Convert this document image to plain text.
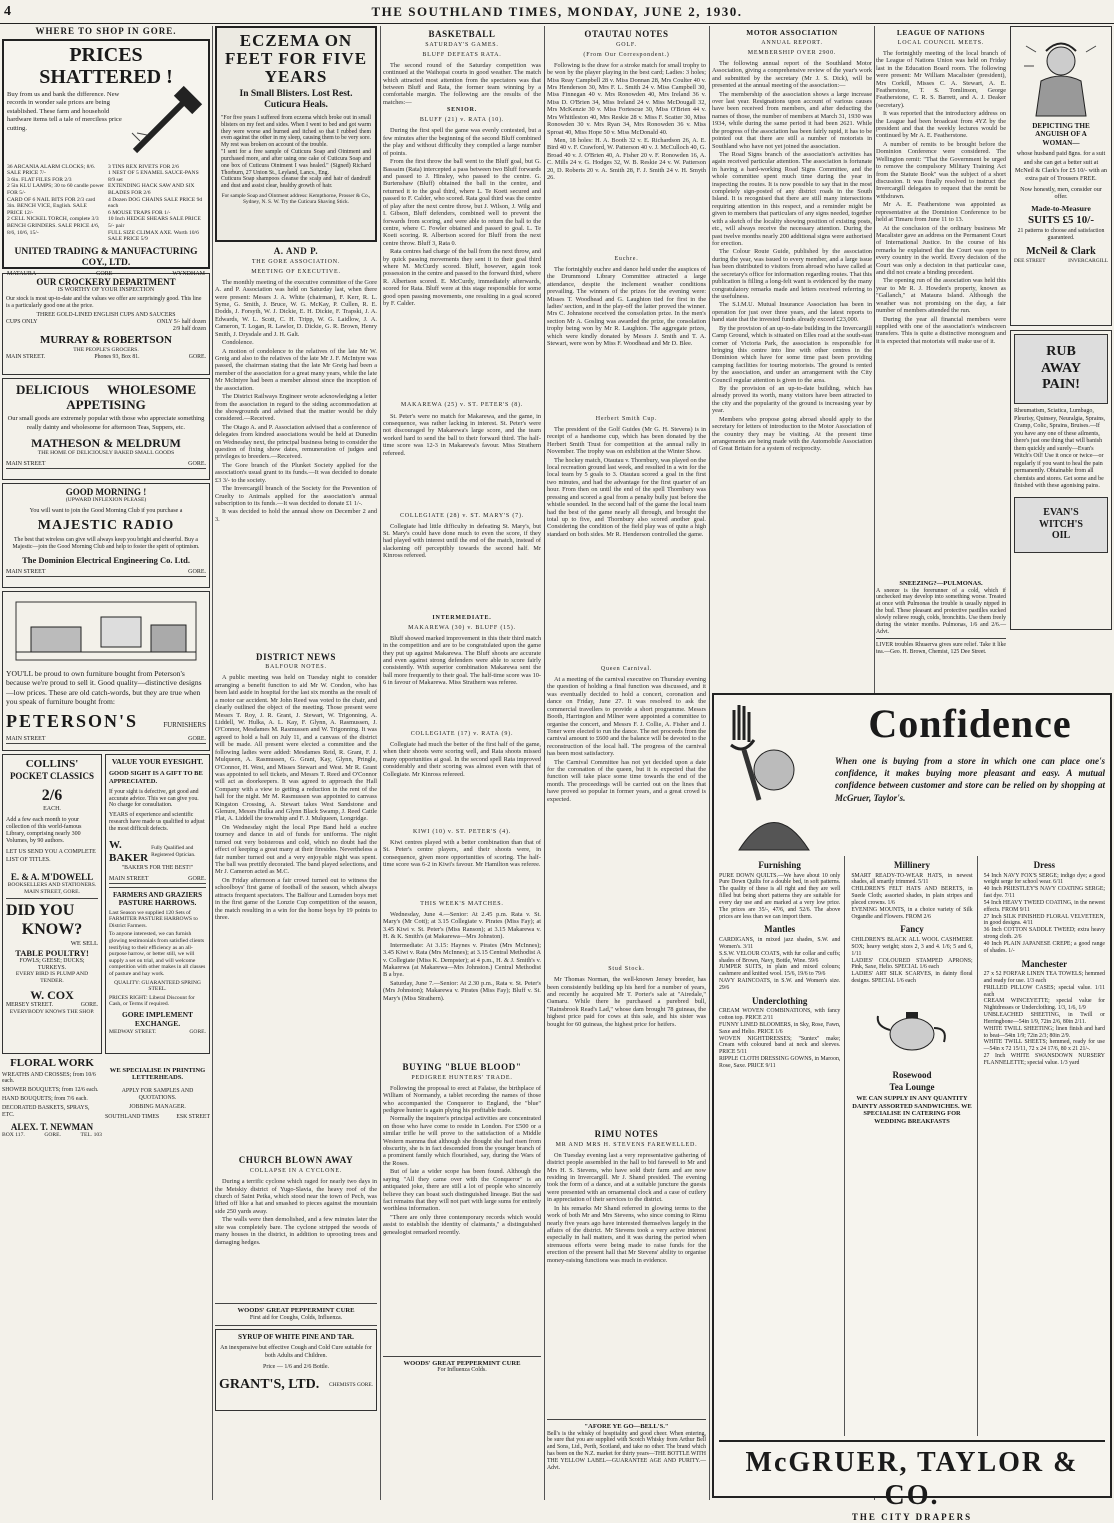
4	THE SOUTHLAND TIMES, MONDAY, JUNE 2, 1930.
WHERE TO SHOP IN GORE.
PRICES SHATTERED !
Buy from us and bank the difference. New records in wonder sale prices are being established. These farm and household hardware items tell a tale of merciless price cutting.
36 ARCANIA ALARM CLOCKS; 8/6. SALE PRICE 7/-
3 6in. FLAT FILES FOR 2/3
2 5in KLU LAMPS; 30 to 60 candle power FOR 5/-
CARD OF 6 NAIL BITS FOR 2/3 card
3in. BENCH VICE, English. SALE PRICE 12/-
2 CELL NICKEL TORCH, complete 3/3
BENCH GRINDERS. SALE PRICE 4/6, 8/6, 10/6, 15/-
3 TINS REX RIVETS FOR 2/6
1 NEST OF 5 ENAMEL SAUCE-PANS 8/9 set
EXTENDING HACK SAW AND SIX BLADES FOR 2/6
4 Dozen DOG CHAINS SALE PRICE 9d each
6 MOUSE TRAPS FOR 1/-
10 Inch HEDGE SHEARS SALE PRICE 5/- pair
FULL SIZE CLIMAX AXE. Worth 10/6 SALE PRICE 5/9
UNITED TRADING & MANUFACTURING COY., LTD.
MATAURA	GORE	WYNDHAM
OUR CROCKERY DEPARTMENT
IS WORTHY OF YOUR INSPECTION
Our stock is most up-to-date and the values we offer are surprisingly good. This line is a particularly good one at the price.
THREE GOLD-LINED ENGLISH CUPS AND SAUCERS
CUPS ONLY	ONLY 5/- half dozen
2/9 half dozen
MURRAY & ROBERTSON
THE PEOPLE'S GROCERS.
MAIN STREET.	Phones 93, Box 81.	GORE.
DELICIOUS WHOLESOME
APPETISING
Our small goods are extremely popular with those who appreciate something really dainty and wholesome for afternoon Teas, Suppers, etc.
MATHESON & MELDRUM
THE HOME OF DELICIOUSLY BAKED SMALL GOODS
MAIN STREET	GORE.
GOOD MORNING !
(UPWARD INFLEXION PLEASE)
You will want to join the Good Morning Club if you purchase a
MAJESTIC RADIO
The best that wireless can give will always keep you bright and cheerful. Buy a Majestic—join the Good Morning Club and help to foster the spirit of optimism.
The Dominion Electrical Engineering Co. Ltd.
MAIN STREET	GORE.
YOU'LL be proud to own furniture bought from Peterson's because we're proud to sell it. Good quality—distinctive designs —low prices. These are old catch-words, but they are true when you speak of furniture bought from:
PETERSON'S	FURNISHERS
MAIN STREET	GORE.
COLLINS'
POCKET CLASSICS
2/6
EACH.
Add a few each month to your collection of this world-famous Library, comprising nearly 300 Volumes, by 90 authors.
LET US SEND YOU A COMPLETE LIST OF TITLES.
E. & A. M'DOWELL
BOOKSELLERS AND STATIONERS.
MAIN STREET, GORE.
DID YOU
KNOW?
WE SELL
TABLE POULTRY!
FOWLS; GEESE; DUCKS; TURKEYS.
EVERY BIRD IS PLUMP AND TENDER.
W. COX
MERSEY STREET.	GORE.
EVERYBODY KNOWS THE SHOP.
VALUE YOUR EYESIGHT.
GOOD SIGHT IS A GIFT TO BE APPRECIATED.
If your sight is defective, get good and accurate advice. This we can give you. No charge for consultation.
YEARS of experience and scientific research have made us qualified to adjust the most difficult defects.
W. BAKER
Fully Qualified and Registered Optician.
"BAKER'S FOR THE BEST!"
MAIN STREET	GORE.
FARMERS AND GRAZIERS
PASTURE HARROWS.
Last Season we supplied 120 Sets of FARMITER PASTURE HARROWS to District Farmers.
To anyone interested, we can furnish glowing testimonials from satisfied clients testifying to their efficiency as an all-purpose harrow, or better still, we will supply a set on trial, and will welcome competition with other makes in all classes of pasture and hay work.
QUALITY: GUARANTEED SPRING STEEL.
PRICES RIGHT: Liberal Discount for Cash, or Terms if required.
GORE IMPLEMENT EXCHANGE.
MEDWAY STREET.	GORE.
FLORAL WORK
WREATHS AND CROSSES; from 10/6 each.
SHOWER BOUQUETS; from 12/6 each.
HAND BOUQUETS; from 7/6 each.
DECORATED BASKETS, SPRAYS, ETC.
ALEX. T. NEWMAN
BOX 117.	GORE.	TEL. 103
WE SPECIALISE IN PRINTING LETTERHEADS.
APPLY FOR SAMPLES AND QUOTATIONS.
JOBBING MANAGER.
SOUTHLAND TIMES	ESK STREET
ECZEMA ON FEET FOR FIVE YEARS
In Small Blisters. Lost Rest. Cuticura Heals.
"For five years I suffered from eczema which broke out in small blisters on my feet and sides. When I went to bed and got warm they were worse and burned and itched so that I rubbed them even against the other in my sleep, causing them to be very sore. My rest was broken on account of the trouble.
"I sent for a free sample of Cuticura Soap and Ointment and purchased more, and after using one cake of Cuticura Soap and one box of Cuticura Ointment I was healed." (Signed) Richard Thorburn, 27 Union St., Leyland, Lancs., Eng.
Cuticura Soap shampoos cleanse the scalp and hair of dandruff and dust and assist clear, healthy growth of hair.
For sample Soap and Ointment address: Kempthorne, Prosser & Co., Sydney, N. S. W. Try the Cuticura Shaving Stick.
A. AND P.
THE GORE ASSOCIATION.
MEETING OF EXECUTIVE.

The monthly meeting of the executive committee of the Gore A. and P. Association was held on Saturday last, when there were present: Messrs J. A. White (chairman), F. Kerr, R. L. Syme, G. Smith, J. Bruce, W. G. McKay, P. Cullen, R. E. Dodds, J. Forsyth, W. J. Dickie, E. H. Dickie, F. Trapski, J. A. Edwards, W. L. Scott, C. H. Tripp, W. G. Laidlow, J. A. Cameron, T. Logan, R. Lawlor, D. Dickie, G. R. Brown, Henry Smith, J. Drysdale and J. H. Galt.

Condolence.

A motion of condolence to the relatives of the late Mr W. Greig and also to the relatives of the late Mr J. F. McIntyre was passed, the chairman stating that the late Mr Greig had been a member of the association for a great many years, while the late Mr McIntyre had been a member almost since the inception of the association.

The District Railways Engineer wrote acknowledging a letter from the association in regard to the siding accommodation at the showgrounds and advised that the matter would be duly considered.—Received.

The Otago A. and P. Association advised that a conference of delegates from kindred associations would be held at Dunedin on Wednesday next, the principal business being to consider the question of fixing show dates, remuneration of judges and privileges to breeders.—Received.

The Gore branch of the Plunket Society applied for the association's usual grant to its funds.—It was decided to donate £3 3/- to the society.

The Invercargill branch of the Society for the Prevention of Cruelty to Animals applied for the association's annual subscription to its funds.—It was decided to donate £1 1/-.

It was decided to hold the annual show on December 2 and 3.

DISTRICT NEWS
BALFOUR NOTES.

A public meeting was held on Tuesday night to consider arranging a benefit function to aid Mr W. Condon, who has been laid aside in hospital for the last six months as the result of a motor car accident. Mr John Reed was voted to the chair, and clearly outlined the object of the meeting. Those present were Messrs T. Roy, J. R. Grant, J. Stewart, W. Trigonning, A. Liddell, W. Hulka, A. L. Kay, F. Glynn, A. Rasmussen, J. O'Connor, Mesdames M. Rasmussen and W. Trigonning. It was agreed to hold a ball on July 11, and a canvass of the district will be made. All present were elected a committee and the following ladies were added: Mesdames Reid, R. Grant, F. J. Mulqueen, A. Rasmussen, G. Grant, Kay, Glynn, Pringle, O'Connor, H. West, and Misses Stewart and West. Mr R. Grant was appointed to sell tickets, and Messrs T. Reed and O'Connor will act as doorkeepers. It was agreed to approach the Hall Company with a view to getting a reduction in the rent of the hall for the night. Mr M. Rasmussen was appointed to canvass Kingston Crossing, A. Stewart takes West Sandstone and Glenure, Messrs Hulka and Glynn Black Swamp, J. Reed Cattle Flat, A. Liddell the township and F. J. Mulqueen, Longridge.

On Wednesday night the local Pipe Band held a euchre tourney and dance in aid of funds for uniforms. The night turned out very boisterous and cold, which no doubt had the effect of keeping a great many at their firesides. Nevertheless a fair number turned out and a very enjoyable night was spent. The ball was prettily decorated. The band played selections, and Mr J. Cameron acted as M.C.

On Friday afternoon a fair crowd turned out to witness the schoolboys' first game of football of the season, which always attracts frequent spectators. The Balfour and Lumsden boys met in the first game of the Lonzie Cup competition of the season, the match resulting in a win for the home boys by 19 points to three.

CHURCH BLOWN AWAY
COLLAPSE IN A CYCLONE.

During a terrific cyclone which raged for nearly two days in the Meiskiy district of Yugo-Slavia, the heavy roof of the church of Saint Petka, which stood near the town of Pech, was lifted off like a hat and smashed to pieces against the mountain side 250 yards away.

The walls were then demolished, and a few minutes later the site was completely bare. The cyclone stripped the woods of many houses in the district, in addition to uprooting trees and damaging hedges.

WOODS' GREAT PEPPERMINT CURE
First aid for Coughs, Colds, Influenza.
SYRUP OF WHITE PINE AND TAR.
An inexpensive but effective Cough and Cold Cure suitable for both Adults and Children.
Price — 1/6 and 2/6 Bottle.
GRANT'S, LTD. CHEMISTS GORE.
BASKETBALL
SATURDAY'S GAMES.
BLUFF DEFEATS RATA.

The second round of the Saturday competition was continued at the Waihopai courts in good weather. The match which attracted most attention from the spectators was that between Bluff and Rata, the former team winning by a comfortable margin. The following are the results of the matches:—

SENIOR.
BLUFF (21) v. RATA (10).

During the first spell the game was evenly contested, but a few minutes after the beginning of the second Bluff combined the play and without difficulty they compiled a large number of points.

From the first throw the ball went to the Bluff goal, but G. Bassaim (Rata) intercepted a pass between two Bluff forwards and passed to J. Hinsley, who passed to the centre. G. Burtenshaw (Bluff) obtained the ball in the centre, and returned it to the goal third, where L. Te Koeti secured and passed to F. Calder, who scored. Rata goal third was the centre of play after the next centre throw, but J. Wilson, J. Wilg and I. Gibson, Bluff defenders, combined well to prevent the forwards from scoring, and were able to return the ball to the centre, where C. Fowler obtained and passed to goal. L. Te Koeti scoring. R. Albertson scored for Bluff from the next centre throw. Bluff 3, Rata 0.

Rata centres had charge of the ball from the next throw, and by quick passing movements they sent it to their goal third where M. McCurdy scored. Bluff, however, again took possession in the centre and passed to the forward third, where R. Albertson scored. E. McCurdy, immediately afterwards, scored for Rata. Bluff were at this stage responsible for some good open passing movements, one resulting in a goal scored by F. Calder.

MAKAREWA (25) v. ST. PETER'S (8).

St. Peter's were no match for Makarewa, and the game, in consequence, was rather lacking in interest. St. Peter's were not discouraged by Makarewa's large score, and the team worked hard to send the ball to their forward third. The half-time score was 12-3 in Makarewa's favour. Miss Strathern refereed.

COLLEGIATE (28) v. ST. MARY'S (7).

Collegiate had little difficulty in defeating St. Mary's, but St. Mary's could have done much to even the score, if they had played with interest until the end of the match, instead of slackening off perceptibly towards the second half. Mr Kinross refereed.

INTERMEDIATE.
MAKAREWA (30) v. BLUFF (15).

Bluff showed marked improvement in this their third match in the competition and are to be congratulated upon the game they put up against Makarewa. The Bluff shoots are accurate and even against strong defenders were able to score fairly consistently. With superior combination Makarewa sent the ball more frequently to their goal. The half-time score was 10-6 in favour of Makarewa. Miss Strathern was referee.

COLLEGIATE (17) v. RATA (9).

Collegiate had much the better of the first half of the game, when their shoots were scoring well, and Rata shoots missed many opportunities at goal. In the second spell Rata improved considerably and their scoring was almost even with that of Collegiate. Mr Kinross refereed.

KIWI (10) v. ST. PETER'S (4).

Kiwi centres played with a better combination than that of St. Peter's centre players, and their shoots were, in consequence, given more opportunities of scoring. The half-time score was 6-2 in Kiwi's favour. Mr Hamilton was referee.

THIS WEEK'S MATCHES.

Wednesday, June 4.—Senior: At 2.45 p.m. Rata v. St. Mary's (Mr Cott); at 3.15 Collegiate v. Pirates (Miss Fay); at 3.45 Kiwi v. St. Peter's (Miss Ranson); at 3.15 Makarewa v. H. & K. Smith's (at Makarewa—Mrs Johnston).

Intermediate: At 3.15: Haynes v. Pirates (Mrs McInnes); 3.45 Kiwi v. Rata (Mrs McInnes); at 3.15 Central Methodist A v. Collegiate (Miss K. Dempster); at 4 p.m., H. & J. Smith's v. Makarewa (at Makarewa—Mrs Johnston.) Central Methodist B a bye.

Saturday, June 7.—Senior: At 2.30 p.m., Rata v. St. Peter's (Mrs Johnston); Makarewa v. Pirates (Miss Fay); Bluff v. St. Mary's (Miss Strathern).

BUYING "BLUE BLOOD"
PEDIGREE HUNTERS' TRADE.

Following the proposal to erect at Falaise, the birthplace of William of Normandy, a tablet recording the names of those who accompanied the Conqueror to England, the "blue" pedigree hunter is again plying his profitable trade.

Normally the inquirer's principal activities are concentrated on those who have come to reside in London. For £500 or a similar trifle he will prove to the satisfaction of a Middle Western mamma that although she thought she had risen from obscurity, she is in fact descended from the younger branch of a prominent family which flourished, say, during the Wars of the Roses.

But of late a wider scope has been found. Although the saying "All they came over with the Conqueror" is an antiquated joke, there are still a lot of people who sincerely believe they can boast such distinguished lineage. But the sad fact remains that they will not part with large sums for entirely worthless information.

"There are only three contemporary records which would assist to establish the identity of claimants," a distinguished genealogist remarked recently.

WOODS' GREAT PEPPERMINT CURE
For Influenza Colds.
OTAUTAU NOTES
GOLF.
(From Our Correspondent.)

Following is the draw for a stroke match for small trophy to be won by the player playing in the best card; Ladies: 3 holes; Miss Reay Campbell 28 v. Miss Donnan 28, Mrs Coulter 40 v. Mrs Henderson 30, Mrs F. L. Smith 24 v. Miss Campbell 30, Miss Finnegan 40 v. Mrs Ronowden 40, Mrs Ireland 36 v. Miss D. O'Brien 34, Miss Ireland 24 v. Miss McDougall 32, Mrs McKenzie 30 v. Miss Fortescue 30, Miss O'Brien 44 v. Mrs Whittleston 40, Mrs Reskie 28 v. Miss F. Scatter 30, Miss Ronowden 30 v. Mrs Ryan 34, Mrs Ronowden 36 v. Miss Sproat 40, Miss Hope 50 v. Miss McDonald 40.

Men, 18 holes: H. A. Booth 32 v. E. Richardson 26, A. E. Bird 40 v. F. Crawford, W. Patterson 40 v. J. McCulloch 40, G. Broad 40 v. J. O'Brien 40, A. Fisher 20 v. F. Ronowden 16, A. C. Mills 24 v. G. Hodges 32, W. B. Reskie 24 v. W. Patterson 20, D. Roberts 20 v. A. Smith 28, F. J. Smith 24 v. H. Smyth 26.

Euchre.

The fortnightly euchre and dance held under the auspices of the Drummond Library Committee attracted a large attendance, despite the inclement weather conditions prevailing. The winners of the prizes for the evening were: Misses T. Woodhead and G. Laughton tied for first in the ladies' section, and in the play-off the latter proved the winner. Mrs C. Johnstone received the consolation prize. In the men's section Mr A. Gosling was awarded the prize, the consolation trophy being won by Mr R. Laughton. The aggregate prizes, which were kindly donated by Messrs J. Smith and T. A. Stewart, were won by Miss F. Woodhead and Mr D. Blee.

Herbert Smith Cup.

The president of the Golf Guides (Mr G. H. Stevens) is in receipt of a handsome cup, which has been donated by the Herbert Smith Trust for competition at the annual rally in November. The trophy was on exhibition at the Winter Show.

The hockey match, Otautau v. Thornbury, was played on the local recreation ground last week, and resulted in a win for the local team by 5 goals to 3. Otautau scored a goal in the first two minutes, and had the advantage for the first quarter of an hour. From then on until the end of the spell Thornbury was pressing and scored a goal from a penalty bully just before the whistle sounded. In the second half of the game the local team had the best of the game nearly all through, and brought the total up to five, and Thornbury also scored another goal. Considering the condition of the field play was of quite a high standard on both sides. Mr R. Henderson controlled the game.

Queen Carnival.

At a meeting of the carnival executive on Thursday evening the question of holding a final function was discussed, and it was eventually decided to hold a concert, coronation and dance on Friday, June 27. It was resolved to ask the commercial travellers to provide a short programme. Messrs Booth, Harrington and Milner were appointed a committee to organise the concert, and Messrs F. J. Collie, A. Fisher and J. Toner were elected to run the dance. The net proceeds from the carnival amount to £600 and the balance will be devoted to the reconstruction of the local hall. The progress of the carnival has been most satisfactory.

The Carnival Committee has not yet decided upon a date for the coronation of the queen, but it is expected that the function will take place some time towards the end of the month. The proceedings will be carried out on the lines that have proved so popular in former years, and a great crowd is expected.

Stud Stock.

Mr Thomas Norman, the well-known Jersey breeder, has been consistently building up his herd for a number of years, and recently he acquired Mr T. Porter's sale at "Airedale," Oamaru. While there he purchased a purebred bull, "Rainsbrook Read's Lad," whose dam brought 78 guineas, the highest price paid for cows at this sale, and his sister was bought for 60 guineas, the highest price for heifers.

RIMU NOTES
MR AND MRS H. STEVENS FAREWELLED.

On Tuesday evening last a very representative gathering of district people assembled in the hall to bid farewell to Mr and Mrs H. S. Stevens, who have sold their farm and are now residing in Invercargill. Mr J. Shand presided. The evening took the form of a dance, and at a suitable juncture the guests were presented with an ornamental clock and a case of cutlery in appreciation of their services to the district.

In his remarks Mr Shand referred in glowing terms to the work of both Mr and Mrs Stevens, who since coming to Rimu nearly five years ago have interested themselves largely in the affairs of the district. Mr Stevens took a very active interest especially in hall matters, and it was during the period when strenuous efforts were being made to raise funds for the erection of the present hall that Mr Stevens' ability to organise money-raising functions was much in evidence.

"AFORE YE GO—BELL'S."
Bell's is the whisky of hospitality and good cheer. When entering, be sure that you are supplied with Scotch Whisky from Arthur Bell and Sons, Ltd., Perth, Scotland, and take no other. The brand which has been on the N.Z. market for thirty years—THE BOTTLE WITH THE YELLOW LABEL—GUARANTEE AGE AND PURITY.—Advt.
MOTOR ASSOCIATION
ANNUAL REPORT.
MEMBERSHIP OVER 2900.

The following annual report of the Southland Motor Association, giving a comprehensive review of the year's work and submitted by the secretary (Mr J. S. Dick), will be presented at the annual meeting of the association:—

The membership of the association shows a large increase over last year. Resignations upon account of various causes have been received from members, and after deducting the names of those, the number of members at March 31, 1930 was 1934, while during the same period it had been 2621. While the progress of the association has been fairly rapid, it has to be pointed out that there are still a number of motorists in Southland who have not yet joined the association.

The Road Signs branch of the association's activities has again received particular attention. The association is fortunate in having a hard-working Road Signs Committee, and the whole committee spent much time during the year in inspecting the routes. It is now possible to say that in the most completely sign-posted of any district roads in the South Island. It is recognised that there are still many intersections requiring attention in this respect, and a reminder might be given to members that particulars of any signs needed, together with a sketch of the locality showing position of existing posts, etc., will always receive the necessary attention. During the past twelve months nearly 200 additional signs were authorised for erection.

The Colour Route Guide, published by the association during the year, was issued to every member, and a large issue has been distributed to visitors from abroad who have called at the secretary's office for information regarding routes. That this publication is filling a long-felt want is evidenced by the many congratulatory remarks made and letters received referring to the usefulness.

The S.I.M.U. Mutual Insurance Association has been in operation for just over three years, and the latest reports to hand state that the invested funds already exceed £23,000.

By the provision of an up-to-date building in the Invercargill Camp Ground, which is situated on Elles road at the south-east corner of Victoria Park, the association is responsible for bringing this centre into line with other centres in the Dominion which have for some time past been providing camping facilities for touring motorists. The ground is rented by the association, and under an arrangement with the City Council regular attention is given to the area.

By the provision of an up-to-date building, which has already proved its worth, many visitors have been attracted to the city and the popularity of the ground is increasing year by year.

Members who propose going abroad should apply to the secretary for letters of introduction to the Motor Association of the country they may be visiting. At the present time arrangements are being made with the Automobile Association of Great Britain for a system of reciprocity.

LEAGUE OF NATIONS
LOCAL COUNCIL MEETS.

The fortnightly meeting of the local branch of the League of Nations Union was held on Friday last in the Education Board room. The following were present: Mr William Macalister (president), Mrs Corkill, Misses C. A. Stewart, A. E. Featherstone, T. S. Tomlinson, George Featherstone, C. R. S. Barrett, and A. J. Deaker (secretary).

It was reported that the introductory address on the League had been broadcast from 4YZ by the president and that the weekly lectures would be continued by Mr A. E. Featherstone.

A number of remits to be brought before the Dominion Conference were considered. The Wellington remit: "That the Government be urged to remove the compulsory Military Training Act from the Statute Book" was the subject of a short discussion. It was finally resolved to instruct the Invercargill delegates to request that the remit be withdrawn.

Mr A. E. Featherstone was appointed as representative at the Dominion Conference to be held at Timaru from June 11 to 13.

At the conclusion of the ordinary business Mr Macalister gave an address on the Permanent Court of International Justice. In the course of his remarks he explained that the Court was open to every country in the world. Every decision of the Court was only a decision in that particular case, and did not create a binding precedent.

The opening run of the association was held this year to Mr R. J. Howden's property, known as "Gallanch," at Mataura Island. Although the weather was not promising on the day, a fair number of members attended the run.

During the year all financial members were supplied with one of the association's windscreen transfers. This is quite a distinctive monogram and it is expected that motorists will make use of it.

SNEEZING?—PULMONAS.
A sneeze is the forerunner of a cold, which if unchecked may develop into something worse. Treated at once with Pulmonas the trouble is usually nipped in the bud. These pleasant and protective pastilles sucked slowly relieve rough, colds, bronchitis. Use them freely during the winter months. Pulmonas, 1/6 and 2/6.—Advt.
LIVER troubles Rhuaerva gives sure relief. Take it like tea.—Geo. H. Brown, Chemist, 125 Dee Street.
DEPICTING THE
ANGUISH OF A
WOMAN—
whose husband paid 8gns. for a suit and she can get a better suit at McNeil & Clark's for £5 10/- with an extra pair of Trousers FREE.
Now honestly, men, consider our offer.
Made-to-Measure
SUITS £5 10/-
21 patterns to choose and satisfaction guaranteed.
McNeil & Clark
DEE STREET	INVERCARGILL
RUB
AWAY
PAIN!
Rheumatism, Sciatica, Lumbago, Pleurisy, Quinsey, Neuralgia, Sprains, Cramp, Colic, Sprains, Bruises.—If you have any one of these ailments, there's just one thing that will banish them quickly and surely—Evan's Witch's Oil! Use it once or twice—or regularly if you want to heal the pain permanently. Obtainable from all chemists and stores. Get some and be finished with these agonising pains.
EVAN'S
WITCH'S
OIL
Confidence
When one is buying from a store in which one can place one's confidence, it makes buying more pleasant and easy. A mutual confidence between customer and store can be relied on by shopping at McGruer, Taylor's.
Furnishing

PURE DOWN QUILTS.—We have about 10 only Pure Down Quilts for a double bed, in soft patterns. The quality of these is all right and they are well filled but being short patterns they are suitable for every day use and are marked at a very low price. The prices are 35/-, 47/6, and 52/6. The above prices are less than we can import them.

Mantles

CARDIGANS, in mixed jazz shades, S.W. and Women's. 3/11
S.S.W. VELOUR COATS, with fur collar and cuffs; shades of Brown, Navy, Bottle, Wine. 59/6
JUMPER SUITS, in plain and mixed colours; cashmere and knitted wool. 15/6, 19/6 to 79/6
NAVY RAINCOATS, in S.W. and Women's size. 29/6

Underclothing

CREAM WOVEN COMBINATIONS, with fancy cotton top. PRICE 2/11
FUNNY LINED BLOOMERS, in Sky, Rose, Fawn, Saxe and Helio. PRICE 1/6
WOVEN NIGHTDRESSES; "Suntex" make; Cream with coloured band at neck and sleeves. PRICE 5/11
RIPPLE CLOTH DRESSING GOWNS, in Maroon, Rose, Saxe. PRICE 9/11

Millinery

SMART READY-TO-WEAR HATS, in newest shades, all smartly trimmed. 5/11
CHILDREN'S FELT HATS AND BERETS, in Suede Cloth; assorted shades, in plain stripes and pleced crowns. 1/6
EVENING MOUNTS, in a choice variety of Silk Organdie and Flowers. FROM 2/6

Fancy

CHILDREN'S BLACK ALL WOOL CASHMERE SOX; heavy weight; sizes 2, 3 and 4. 1/6; 5 and 6, 1/11
LADIES' COLOURED STAMPED APRONS; Pink, Saxe, Helio. SPECIAL 1/6 each
LADIES' ART SILK SCARVES, in dainty floral designs. SPECIAL 1/6 each

Rosewood
Tea Lounge

WE CAN SUPPLY IN ANY QUANTITY DAINTY ASSORTED SANDWICHES. WE SPECIALISE IN CATERING FOR WEDDING BREAKFASTS

Dress

54 Inch NAVY FOX'S SERGE; indigo dye; a good weight serge for school wear. 6/11
40 Inch PRIESTLEY'S NAVY COATING SERGE; fast dye. 7/11
54 Inch HEAVY TWEED COATING, in the newest effects. FROM 9/11
27 Inch SILK FINISHED FLORAL VELVETEEN, in good designs. 4/11
36 Inch COTTON SADDLE TWEED; extra heavy strong cloth. 2/6
40 Inch PLAIN JAPANESE CREPE; a good range of shades. 1/-

Manchester

27 x 52 FORFAR LINEN TEA TOWELS; hemmed and ready for use. 1/3 each
FRILLED PILLOW CASES; special value. 1/11 each
CREAM WINCEYETTE; special value for Nightdresses or Underclothing. 1/3, 1/6, 1/9
UNBLEACHED SHEETING, in Twill or Herringbone—54in 1/9, 72in 2/6, 80in 2/11.
WHITE TWILL SHEETING; linen finish and hard to beat—54in 1/9; 72in 2/3; 80in 2/9.
WHITE TWILL SHEETS; hemmed, ready for use—54in x 72 15/11, 72 x 24 17/6, 80 x 21 21/-.
27 Inch WHITE SWANSDOWN NURSERY FLANNELETTE; special value. 1/3 yard

McGRUER, TAYLOR & CO.
THE CITY DRAPERS
